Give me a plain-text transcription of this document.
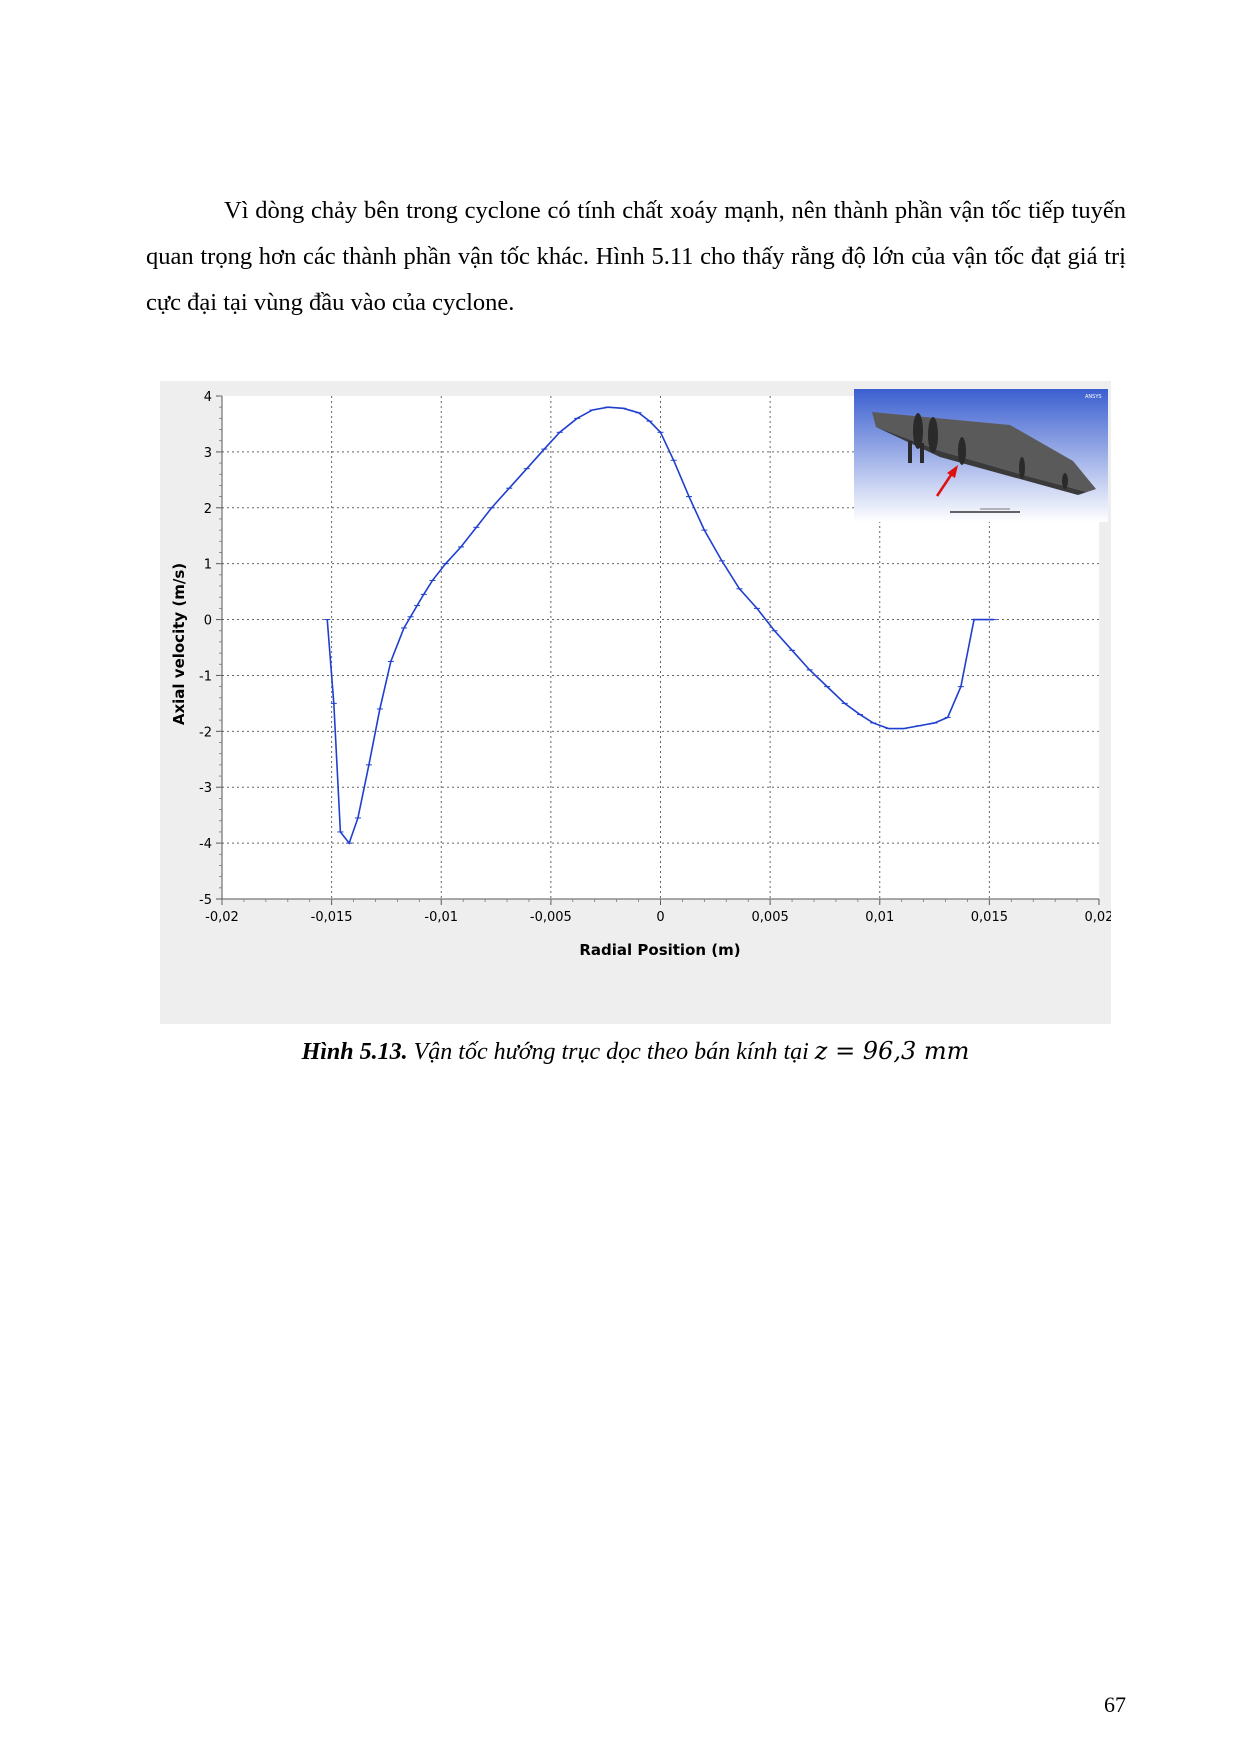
Vì dòng chảy bên trong cyclone có tính chất xoáy mạnh, nên thành phần vận tốc tiếp tuyến quan trọng hơn các thành phần vận tốc khác. Hình 5.11 cho thấy rằng độ lớn của vận tốc đạt giá trị cực đại tại vùng đầu vào của cyclone.
-0,02	-0,015	-0,01	-0,005	0	0,005	0,01	0,015	0,02
4
3
2
1
0
-1
-2
-3
-4
-5
ANSYS
Radial Position (m)
Axial velocity (m/s)
Hình 5.13. Vận tốc hướng trục dọc theo bán kính tại z = 96,3 mm
67
